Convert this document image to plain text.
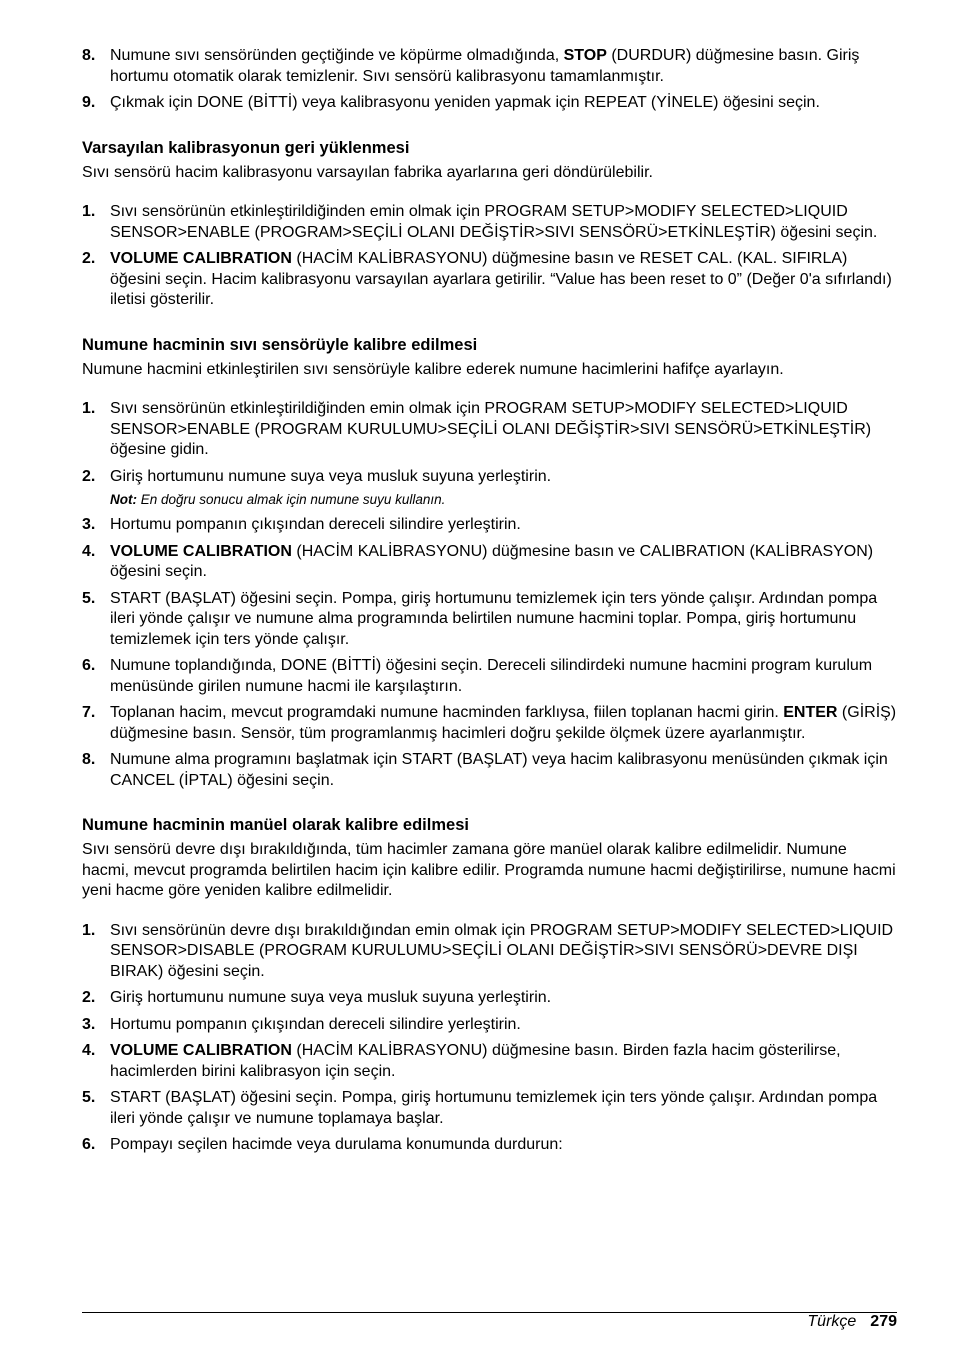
8. Numune sıvı sensöründen geçtiğinde ve köpürme olmadığında, STOP (DURDUR) düğmesine basın. Giriş hortumu otomatik olarak temizlenir. Sıvı sensörü kalibrasyonu tamamlanmıştır.

9. Çıkmak için DONE (BİTTİ) veya kalibrasyonu yeniden yapmak için REPEAT (YİNELE) öğesini seçin.

Varsayılan kalibrasyonun geri yüklenmesi

Sıvı sensörü hacim kalibrasyonu varsayılan fabrika ayarlarına geri döndürülebilir.

1. Sıvı sensörünün etkinleştirildiğinden emin olmak için PROGRAM SETUP>MODIFY SELECTED>LIQUID SENSOR>ENABLE (PROGRAM>SEÇİLİ OLANI DEĞİŞTİR>SIVI SENSÖRÜ>ETKİNLEŞTİR) öğesini seçin.

2. VOLUME CALIBRATION (HACİM KALİBRASYONU) düğmesine basın ve RESET CAL. (KAL. SIFIRLA) öğesini seçin. Hacim kalibrasyonu varsayılan ayarlara getirilir. “Value has been reset to 0” (Değer 0'a sıfırlandı) iletisi gösterilir.

Numune hacminin sıvı sensörüyle kalibre edilmesi

Numune hacmini etkinleştirilen sıvı sensörüyle kalibre ederek numune hacimlerini hafifçe ayarlayın.

1. Sıvı sensörünün etkinleştirildiğinden emin olmak için PROGRAM SETUP>MODIFY SELECTED>LIQUID SENSOR>ENABLE (PROGRAM KURULUMU>SEÇİLİ OLANI DEĞİŞTİR>SIVI SENSÖRÜ>ETKİNLEŞTİR) öğesine gidin.

2. Giriş hortumunu numune suya veya musluk suyuna yerleştirin.

Not: En doğru sonucu almak için numune suyu kullanın.
3. Hortumu pompanın çıkışından dereceli silindire yerleştirin.

4. VOLUME CALIBRATION (HACİM KALİBRASYONU) düğmesine basın ve CALIBRATION (KALİBRASYON) öğesini seçin.

5. START (BAŞLAT) öğesini seçin. Pompa, giriş hortumunu temizlemek için ters yönde çalışır. Ardından pompa ileri yönde çalışır ve numune alma programında belirtilen numune hacmini toplar. Pompa, giriş hortumunu temizlemek için ters yönde çalışır.

6. Numune toplandığında, DONE (BİTTİ) öğesini seçin. Dereceli silindirdeki numune hacmini program kurulum menüsünde girilen numune hacmi ile karşılaştırın.

7. Toplanan hacim, mevcut programdaki numune hacminden farklıysa, fiilen toplanan hacmi girin. ENTER (GİRİŞ) düğmesine basın. Sensör, tüm programlanmış hacimleri doğru şekilde ölçmek üzere ayarlanmıştır.

8. Numune alma programını başlatmak için START (BAŞLAT) veya hacim kalibrasyonu menüsünden çıkmak için CANCEL (İPTAL) öğesini seçin.

Numune hacminin manüel olarak kalibre edilmesi

Sıvı sensörü devre dışı bırakıldığında, tüm hacimler zamana göre manüel olarak kalibre edilmelidir. Numune hacmi, mevcut programda belirtilen hacim için kalibre edilir. Programda numune hacmi değiştirilirse, numune hacmi yeni hacme göre yeniden kalibre edilmelidir.

1. Sıvı sensörünün devre dışı bırakıldığından emin olmak için PROGRAM SETUP>MODIFY SELECTED>LIQUID SENSOR>DISABLE (PROGRAM KURULUMU>SEÇİLİ OLANI DEĞİŞTİR>SIVI SENSÖRÜ>DEVRE DIŞI BIRAK) öğesini seçin.

2. Giriş hortumunu numune suya veya musluk suyuna yerleştirin.

3. Hortumu pompanın çıkışından dereceli silindire yerleştirin.

4. VOLUME CALIBRATION (HACİM KALİBRASYONU) düğmesine basın. Birden fazla hacim gösterilirse, hacimlerden birini kalibrasyon için seçin.

5. START (BAŞLAT) öğesini seçin. Pompa, giriş hortumunu temizlemek için ters yönde çalışır. Ardından pompa ileri yönde çalışır ve numune toplamaya başlar.

6. Pompayı seçilen hacimde veya durulama konumunda durdurun:

Türkçe 279
